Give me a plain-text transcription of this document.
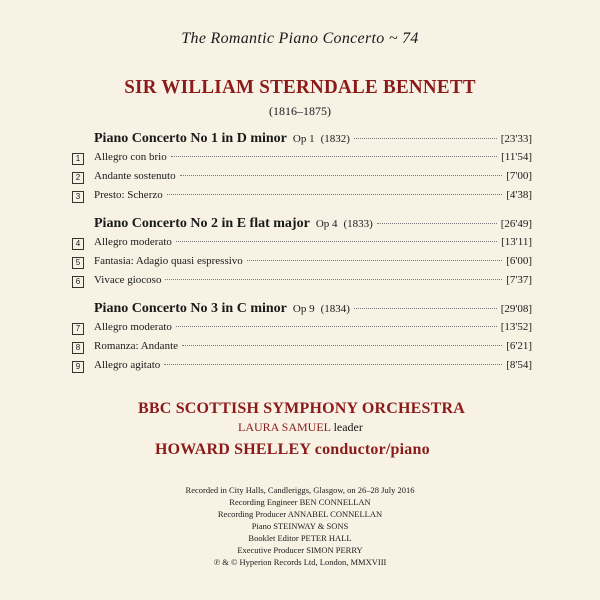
The Romantic Piano Concerto ~ 74
SIR WILLIAM STERNDALE BENNETT
(1816–1875)
Piano Concerto No 1 in D minor Op 1 (1832)	[23'33]
1	Allegro con brio	[11'54]
2	Andante sostenuto	[7'00]
3	Presto: Scherzo	[4'38]
Piano Concerto No 2 in E flat major Op 4 (1833)	[26'49]
4	Allegro moderato	[13'11]
5	Fantasia: Adagio quasi espressivo	[6'00]
6	Vivace giocoso	[7'37]
Piano Concerto No 3 in C minor Op 9 (1834)	[29'08]
7	Allegro moderato	[13'52]
8	Romanza: Andante	[6'21]
9	Allegro agitato	[8'54]
BBC SCOTTISH SYMPHONY ORCHESTRA
LAURA SAMUEL leader
HOWARD SHELLEY conductor/piano
Recorded in City Halls, Candleriggs, Glasgow, on 26–28 July 2016
Recording Engineer BEN CONNELLAN
Recording Producer ANNABEL CONNELLAN
Piano STEINWAY & SONS
Booklet Editor PETER HALL
Executive Producer SIMON PERRY
℗ & © Hyperion Records Ltd, London, MMXVIII
